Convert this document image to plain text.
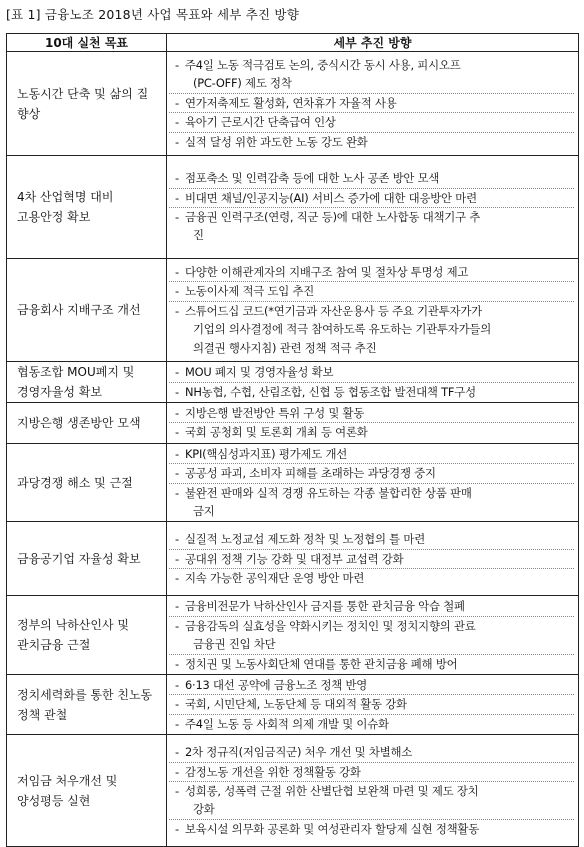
[표 1] 금융노조 2018년 사업 목표와 세부 추진 방향
10대 실천 목표	세부 추진 방향
노동시간 단축 및 삶의 질 향상	- 주4일 노동 적극검토 논의, 중식시간 동시 사용, 피시오프
(PC-OFF) 제도 정착
- 연가저축제도 활성화, 연차휴가 자율적 사용
- 육아기 근로시간 단축급여 인상
- 실적 달성 위한 과도한 노동 강도 완화

4차 산업혁명 대비 고용안정 확보	- 점포축소 및 인력감축 등에 대한 노사 공존 방안 모색
- 비대면 채널/인공지능(AI) 서비스 증가에 대한 대응방안 마련
- 금융권 인력구조(연령, 직군 등)에 대한 노사합동 대책기구 추
진

금융회사 지배구조 개선	- 다양한 이해관계자의 지배구조 참여 및 절차상 투명성 제고
- 노동이사제 적극 도입 추진
- 스튜어드십 코드(*연기금과 자산운용사 등 주요 기관투자가가
기업의 의사결정에 적극 참여하도록 유도하는 기관투자가들의
의결권 행사지침) 관련 정책 적극 추진

협동조합 MOU폐지 및 경영자율성 확보	- MOU 폐지 및 경영자율성 확보
- NH농협, 수협, 산림조합, 신협 등 협동조합 발전대책 TF구성

지방은행 생존방안 모색	- 지방은행 발전방안 특위 구성 및 활동
- 국회 공청회 및 토론회 개최 등 여론화

과당경쟁 해소 및 근절	- KPI(핵심성과지표) 평가제도 개선
- 공공성 파괴, 소비자 피해를 초래하는 과당경쟁 중지
- 불완전 판매와 실적 경쟁 유도하는 각종 불합리한 상품 판매
금지

금융공기업 자율성 확보	- 실질적 노정교섭 제도화 정착 및 노정협의 틀 마련
- 공대위 정책 기능 강화 및 대정부 교섭력 강화
- 지속 가능한 공익재단 운영 방안 마련

정부의 낙하산인사 및 관치금융 근절	- 금융비전문가 낙하산인사 금지를 통한 관치금융 악습 철폐
- 금융감독의 실효성을 약화시키는 정치인 및 정치지향의 관료
금융권 진입 차단
- 정치권 및 노동사회단체 연대를 통한 관치금융 폐해 방어

정치세력화를 통한 친노동 정책 관철	- 6·13 대선 공약에 금융노조 정책 반영
- 국회, 시민단체, 노동단체 등 대외적 활동 강화
- 주4일 노동 등 사회적 의제 개발 및 이슈화

저임금 처우개선 및 양성평등 실현	- 2차 정규직(저임금직군) 처우 개선 및 차별해소
- 감정노동 개선을 위한 정책활동 강화
- 성희롱, 성폭력 근절 위한 산별단협 보완책 마련 및 제도 장치
강화
- 보육시설 의무화 공론화 및 여성관리자 할당제 실현 정책활동
